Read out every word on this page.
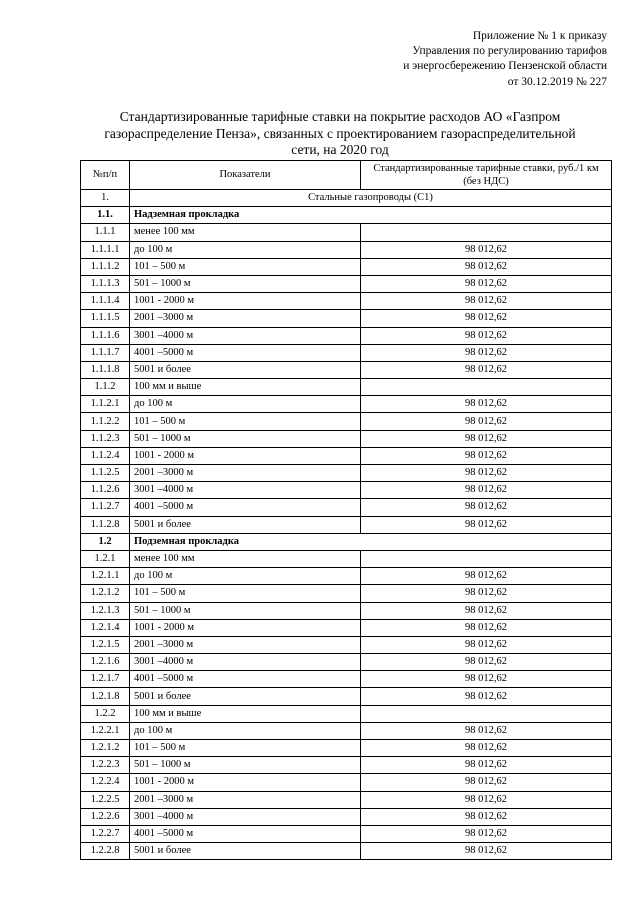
Приложение № 1 к приказу
Управления по регулированию тарифов
и энергосбережению Пензенской области
от 30.12.2019 № 227
Стандартизированные тарифные ставки на покрытие расходов АО «Газпром
газораспределение Пенза», связанных с проектированием газораспределительной
сети, на 2020 год
№п/п	Показатели	Стандартизированные тарифные ставки, руб./1 км (без НДС)
1.	Стальные газопроводы (С1)	
1.1.	Надземная прокладка	
1.1.1	менее 100 мм	
1.1.1.1	до 100 м	98 012,62
1.1.1.2	101 – 500 м	98 012,62
1.1.1.3	501 – 1000 м	98 012,62
1.1.1.4	1001 - 2000 м	98 012,62
1.1.1.5	2001 –3000 м	98 012,62
1.1.1.6	3001 –4000 м	98 012,62
1.1.1.7	4001 –5000 м	98 012,62
1.1.1.8	5001 и более	98 012,62
1.1.2	100 мм и выше	
1.1.2.1	до 100 м	98 012,62
1.1.2.2	101 – 500 м	98 012,62
1.1.2.3	501 – 1000 м	98 012,62
1.1.2.4	1001 - 2000 м	98 012,62
1.1.2.5	2001 –3000 м	98 012,62
1.1.2.6	3001 –4000 м	98 012,62
1.1.2.7	4001 –5000 м	98 012,62
1.1.2.8	5001 и более	98 012,62
1.2	Подземная прокладка	
1.2.1	менее 100 мм	
1.2.1.1	до 100 м	98 012,62
1.2.1.2	101 – 500 м	98 012,62
1.2.1.3	501 – 1000 м	98 012,62
1.2.1.4	1001 - 2000 м	98 012,62
1.2.1.5	2001 –3000 м	98 012,62
1.2.1.6	3001 –4000 м	98 012,62
1.2.1.7	4001 –5000 м	98 012,62
1.2.1.8	5001 и более	98 012,62
1.2.2	100 мм и выше	
1.2.2.1	до 100 м	98 012,62
1.2.1.2	101 – 500 м	98 012,62
1.2.2.3	501 – 1000 м	98 012,62
1.2.2.4	1001 - 2000 м	98 012,62
1.2.2.5	2001 –3000 м	98 012,62
1.2.2.6	3001 –4000 м	98 012,62
1.2.2.7	4001 –5000 м	98 012,62
1.2.2.8	5001 и более	98 012,62
